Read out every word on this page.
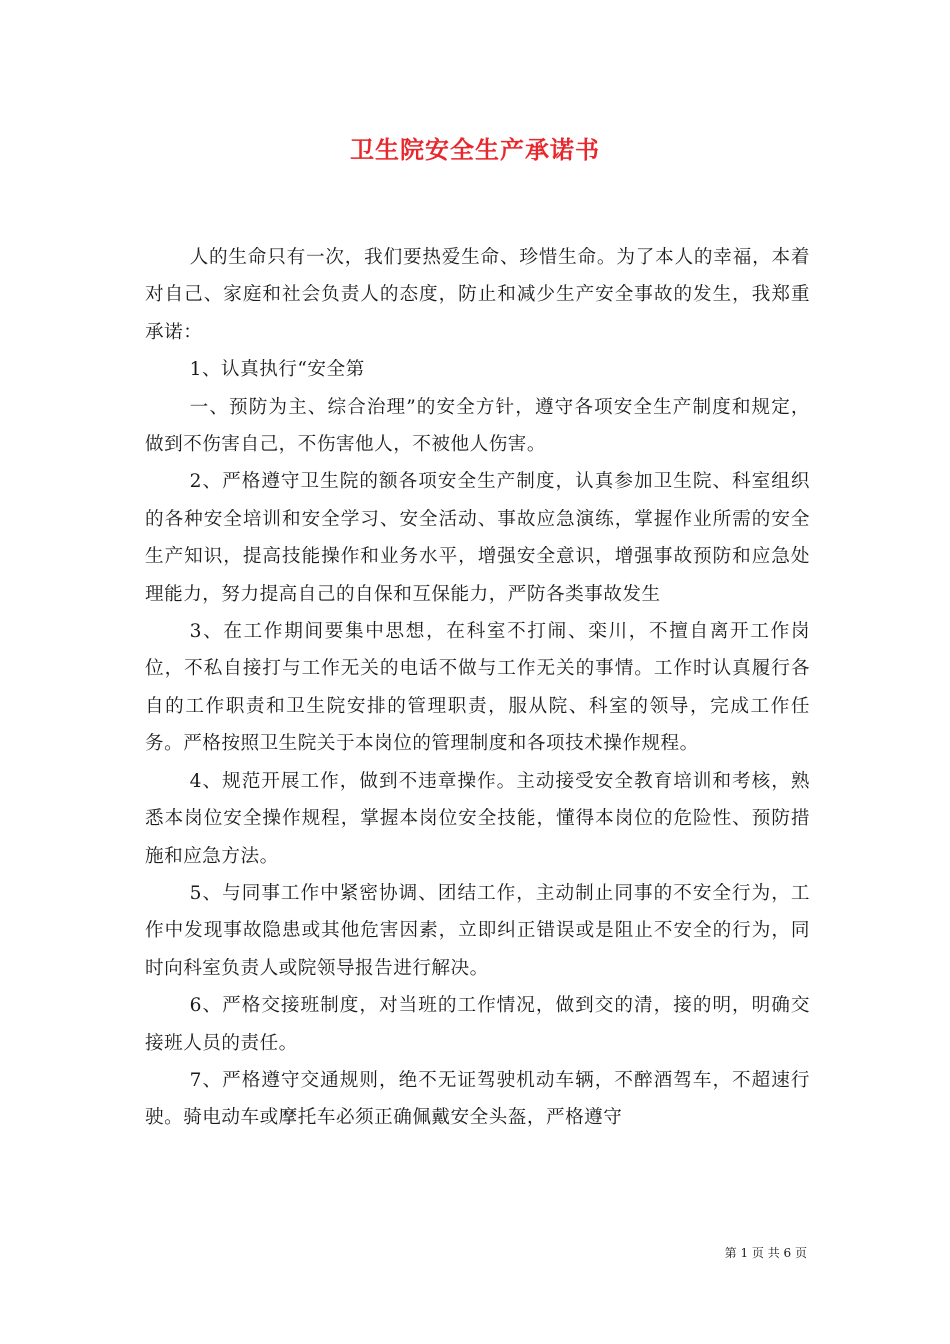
卫生院安全生产承诺书

人的生命只有一次，我们要热爱生命、珍惜生命。为了本人的幸福，本着对自己、家庭和社会负责人的态度，防止和减少生产安全事故的发生，我郑重承诺：

1、认真执行“安全第

一、预防为主、综合治理”的安全方针，遵守各项安全生产制度和规定，做到不伤害自己，不伤害他人，不被他人伤害。

2、严格遵守卫生院的额各项安全生产制度，认真参加卫生院、科室组织的各种安全培训和安全学习、安全活动、事故应急演练，掌握作业所需的安全生产知识，提高技能操作和业务水平，增强安全意识，增强事故预防和应急处理能力，努力提高自己的自保和互保能力，严防各类事故发生

3、在工作期间要集中思想，在科室不打闹、栾川，不擅自离开工作岗位，不私自接打与工作无关的电话不做与工作无关的事情。工作时认真履行各自的工作职责和卫生院安排的管理职责，服从院、科室的领导，完成工作任务。严格按照卫生院关于本岗位的管理制度和各项技术操作规程。

4、规范开展工作，做到不违章操作。主动接受安全教育培训和考核，熟悉本岗位安全操作规程，掌握本岗位安全技能，懂得本岗位的危险性、预防措施和应急方法。

5、与同事工作中紧密协调、团结工作，主动制止同事的不安全行为，工作中发现事故隐患或其他危害因素，立即纠正错误或是阻止不安全的行为，同时向科室负责人或院领导报告进行解决。

6、严格交接班制度，对当班的工作情况，做到交的清，接的明，明确交接班人员的责任。

7、严格遵守交通规则，绝不无证驾驶机动车辆，不醉酒驾车，不超速行驶。骑电动车或摩托车必须正确佩戴安全头盔，严格遵守

第 1 页 共 6 页
